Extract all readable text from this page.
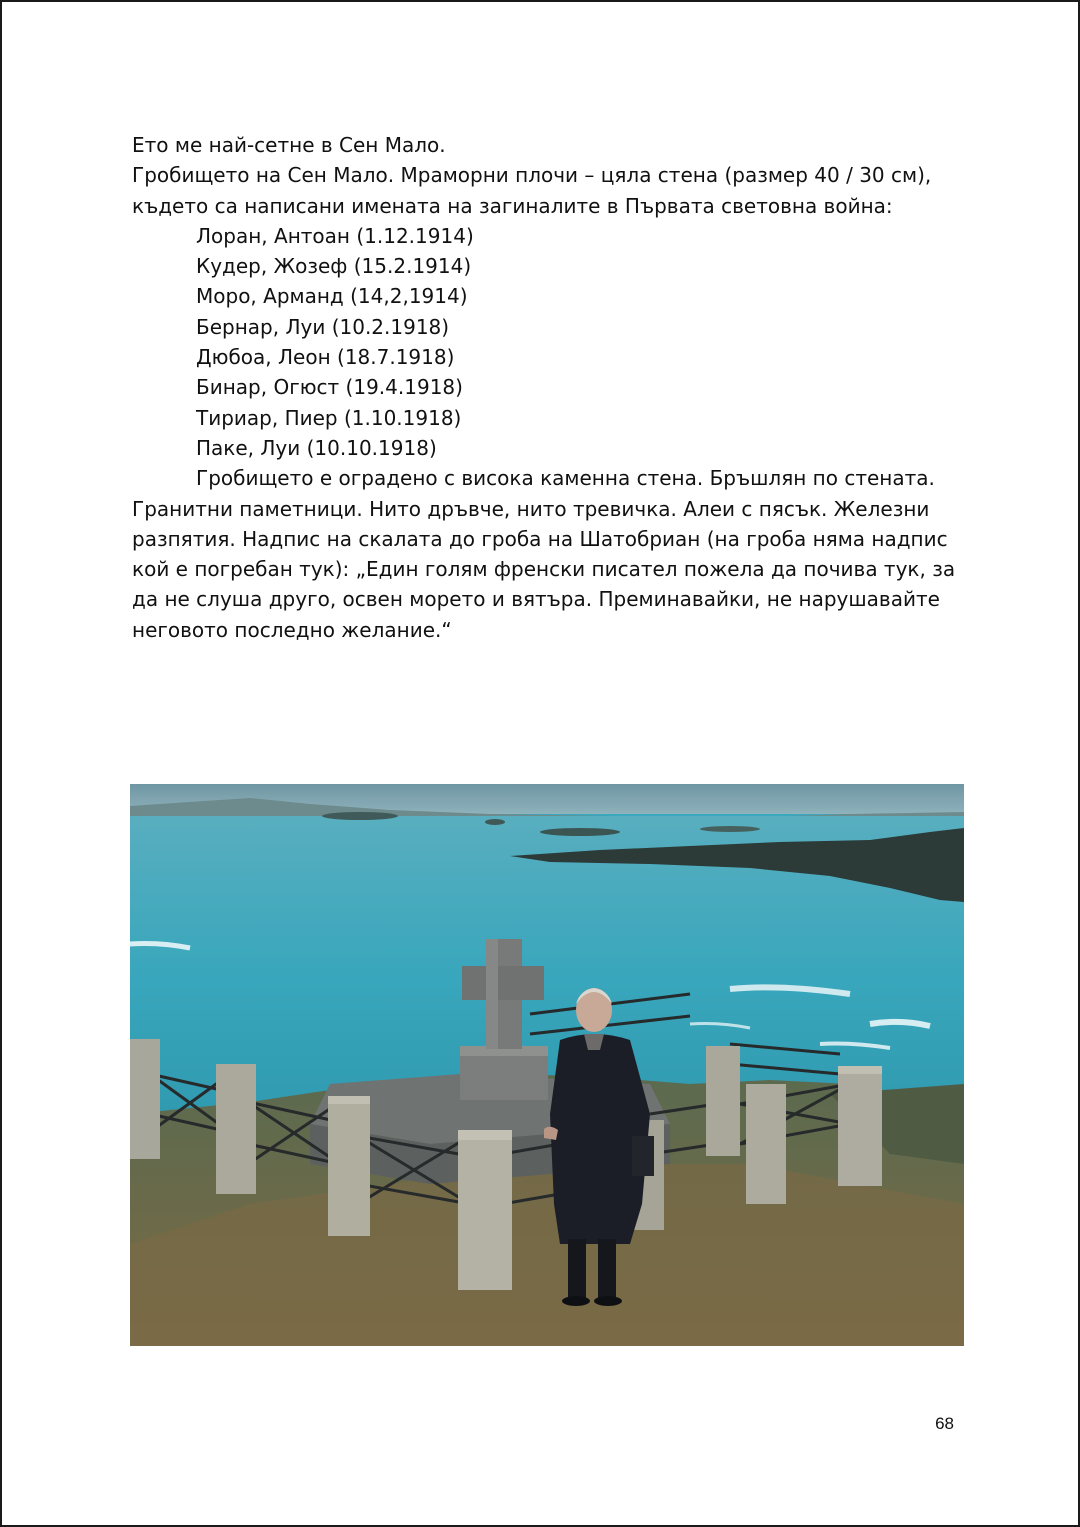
Ето ме най-сетне в Сен Мало.

Гробището на Сен Мало. Мраморни плочи – цяла стена (размер 40 / 30 см), където са написани имената на загиналите в Първата световна война:

Лоран, Антоан (1.12.1914)
Кудер, Жозеф (15.2.1914)
Моро, Арманд (14,2,1914)
Бернар, Луи (10.2.1918)
Дюбоа, Леон (18.7.1918)
Бинар, Огюст (19.4.1918)
Тириар, Пиер (1.10.1918)
Паке, Луи (10.10.1918)

Гробището е оградено с висока каменна стена. Бръшлян по стената. Гранитни паметници. Нито дръвче, нито тревичка. Алеи с пясък. Железни разпятия. Надпис на скалата до гроба на Шатобриан (на гроба няма надпис кой е погребан тук): „Един голям френски писател пожела да почива тук, за да не слуша друго, освен морето и вятъра. Преминавайки, не нарушавайте неговото последно желание.“

68
